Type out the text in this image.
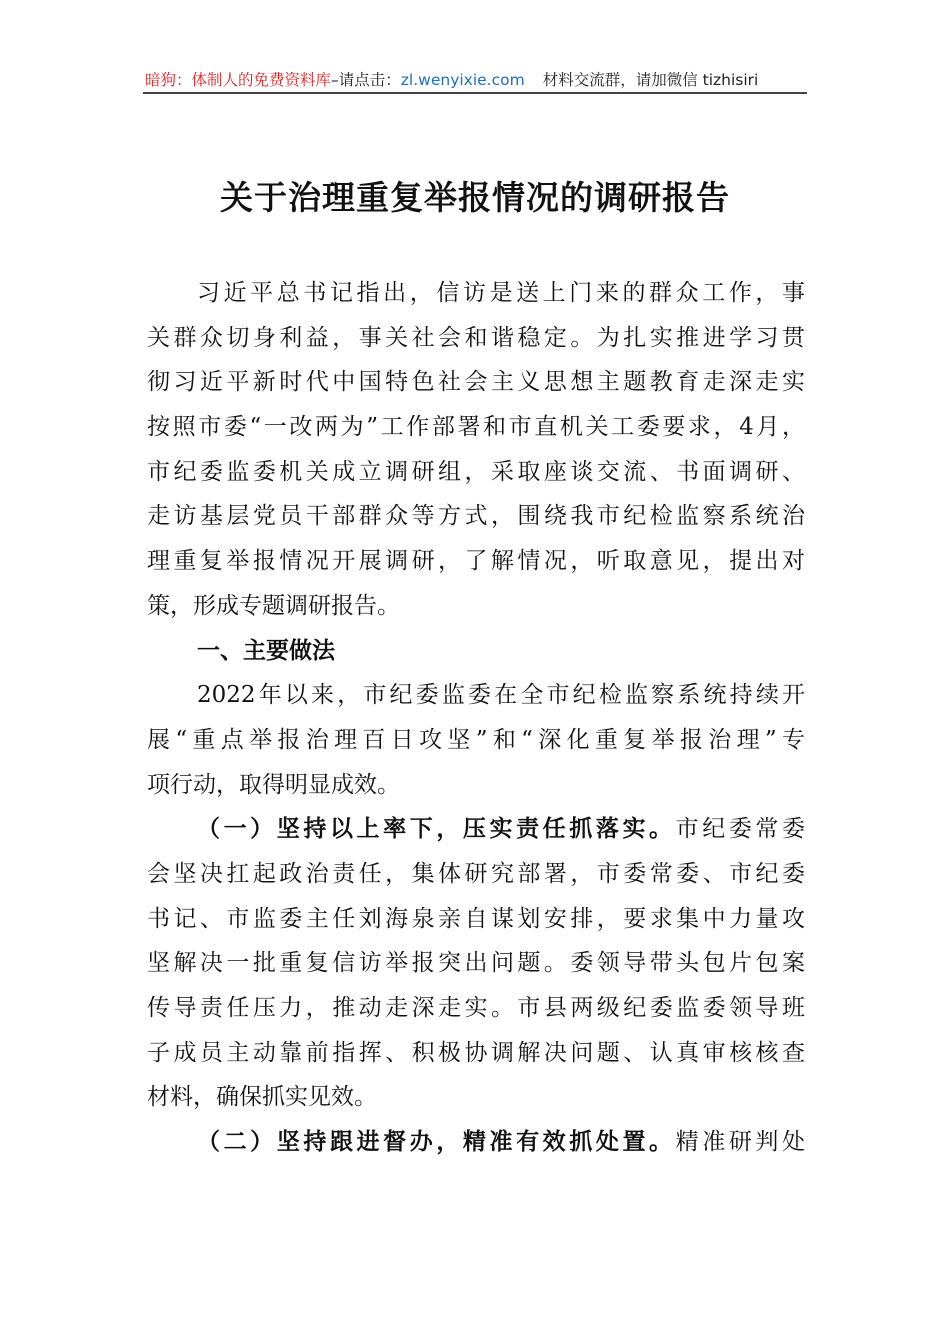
暗狗：体制人的免费资料库–请点击：zl.wenyixie.com 材料交流群，请加微信 tizhisiri
关于治理重复举报情况的调研报告
习近平总书记指出，信访是送上门来的群众工作，事
关群众切身利益，事关社会和谐稳定。为扎实推进学习贯
彻习近平新时代中国特色社会主义思想主题教育走深走实
按照市委“一改两为”工作部署和市直机关工委要求，4月，
市纪委监委机关成立调研组，采取座谈交流、书面调研、
走访基层党员干部群众等方式，围绕我市纪检监察系统治
理重复举报情况开展调研，了解情况，听取意见，提出对
策，形成专题调研报告。
一、主要做法
2022年以来，市纪委监委在全市纪检监察系统持续开
展“重点举报治理百日攻坚”和“深化重复举报治理”专
项行动，取得明显成效。
（一）坚持以上率下，压实责任抓落实。市纪委常委
会坚决扛起政治责任，集体研究部署，市委常委、市纪委
书记、市监委主任刘海泉亲自谋划安排，要求集中力量攻
坚解决一批重复信访举报突出问题。委领导带头包片包案
传导责任压力，推动走深走实。市县两级纪委监委领导班
子成员主动靠前指挥、积极协调解决问题、认真审核核查
材料，确保抓实见效。
（二）坚持跟进督办，精准有效抓处置。精准研判处
